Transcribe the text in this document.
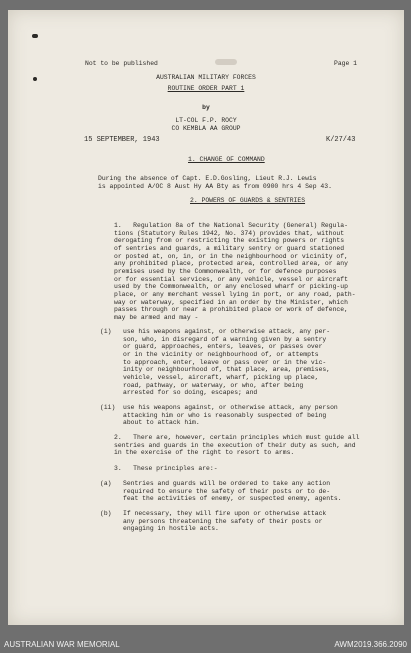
Not to be published	Page 1
AUSTRALIAN MILITARY FORCES
ROUTINE ORDER PART 1
by
LT-COL F.P. ROCY
CO KEMBLA AA GROUP
15 SEPTEMBER, 1943	K/27/43
1. CHANGE OF COMMAND
During the absence of Capt. E.D.Gosling, Lieut R.J. Lewis
is appointed A/OC 8 Aust Hy AA Bty as from 0900 hrs 4 Sep 43.
2. POWERS OF GUARDS & SENTRIES
1.   Regulation 8a of the National Security (General) Regula-
tions (Statutory Rules 1942, No. 374) provides that, without
derogating from or restricting the existing powers or rights
of sentries and guards, a military sentry or guard stationed
or posted at, on, in, or in the neighbourhood or vicinity of,
any prohibited place, protected area, controlled area, or any
premises used by the Commonwealth, or for defence purposes
or for essential services, or any vehicle, vessel or aircraft
used by the Commonwealth, or any enclosed wharf or picking-up
place, or any merchant vessel lying in port, or any road, path-
way or waterway, specified in an order by the Minister, which
passes through or near a prohibited place or work of defence,
may be armed and may -
(i)   use his weapons against, or otherwise attack, any per-
son, who, in disregard of a warning given by a sentry
or guard, approaches, enters, leaves, or passes over
or in the vicinity or neighbourhood of, or attempts
to approach, enter, leave or pass over or in the vic-
inity or neighbourhood of, that place, area, premises,
vehicle, vessel, aircraft, wharf, picking up place,
road, pathway, or waterway, or who, after being
arrested for so doing, escapes; and
(ii)  use his weapons against, or otherwise attack, any person
attacking him or who is reasonably suspected of being
about to attack him.
2.   There are, however, certain principles which must guide all
sentries and guards in the execution of their duty as such, and
in the exercise of the right to resort to arms.
3.   These principles are:-
(a)   Sentries and guards will be ordered to take any action
required to ensure the safety of their posts or to de-
feat the activities of enemy, or suspected enemy, agents.
(b)   If necessary, they will fire upon or otherwise attack
any persons threatening the safety of their posts or
engaging in hostile acts.
AUSTRALIAN WAR MEMORIAL	AWM2019.366.2090
